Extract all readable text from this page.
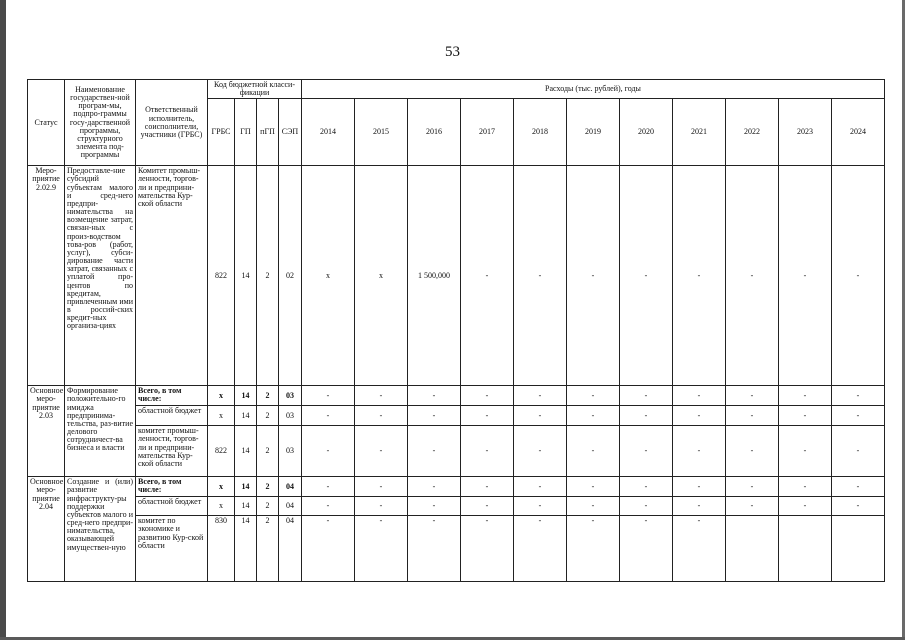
53
Статус	Наименование государствен-ной програм-мы, подпро-граммы госу-дарственной программы, структурного элемента под-программы	Ответственный исполнитель, соисполнители, участники (ГРБС)	Код бюджетной класси-фикации				Расходы (тыс. рублей), годы										
			ГРБС	ГП	пГП	СЭП	2014	2015	2016	2017	2018	2019	2020	2021	2022	2023	2024
Меро-приятие 2.02.9	Предоставле-ние субсидий субъектам малого и сред-него предпри-нимательства на возмещение затрат, связан-ных с произ-водством това-ров (работ, услуг), субси-дирование части затрат, связанных с уплатой про-центов по кредитам, привлеченным ими в россий-ских кредит-ных организа-циях	Комитет промыш-ленности, торгов-ли и предприни-мательства Кур-ской области	822	14	2	02	х	х	1 500,000	-	-	-	-	-	-	-	-
Основное меро-приятие 2.03	Формирование положительно-го имиджа предпринима-тельства, раз-витие делового сотрудничест-ва бизнеса и власти	Всего, в том числе:	х	14	2	03	-	-	-	-	-	-	-	-	-	-	-
		областной бюджет	х	14	2	03	-	-	-	-	-	-	-	-	-	-	-
		комитет промыш-ленности, торгов-ли и предприни-мательства Кур-ской области	822	14	2	03	-	-	-	-	-	-	-	-	-	-	-
Основное меро-приятие 2.04	Создание и (или) развитие инфраструкту-ры поддержки субъектов малого и сред-него предпри-нимательства, оказывающей имуществен-ную	Всего, в том числе:	х	14	2	04	-	-	-	-	-	-	-	-	-	-	-
		областной бюджет	х	14	2	04	-	-	-	-	-	-	-	-	-	-	-
		комитет по экономике и развитию Кур-ской области	830	14	2	04	-	-	-	-	-	-	-	-			
